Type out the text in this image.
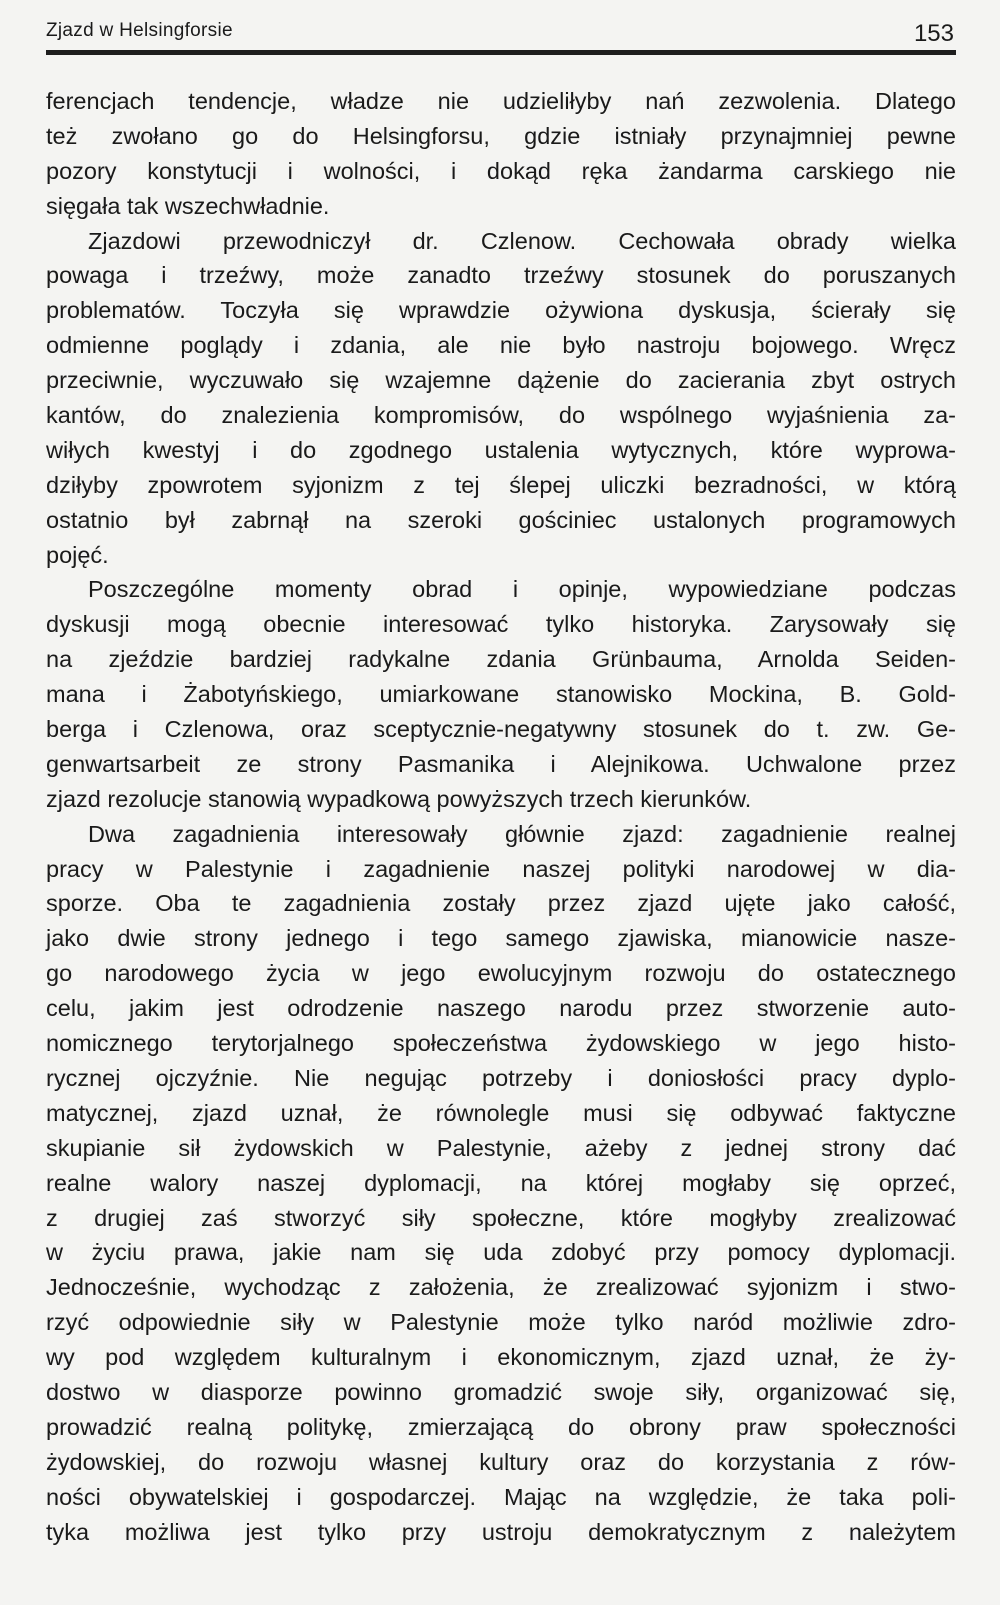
Zjazd w Helsingforsie	153
ferencjach tendencje, władze nie udzieliłyby nań zezwolenia. Dlatego
też zwołano go do Helsingforsu, gdzie istniały przynajmniej pewne
pozory konstytucji i wolności, i dokąd ręka żandarma carskiego nie
sięgała tak wszechwładnie.
Zjazdowi przewodniczył dr. Czlenow. Cechowała obrady wielka
powaga i trzeźwy, może zanadto trzeźwy stosunek do poruszanych
problematów. Toczyła się wprawdzie ożywiona dyskusja, ścierały się
odmienne poglądy i zdania, ale nie było nastroju bojowego. Wręcz
przeciwnie, wyczuwało się wzajemne dążenie do zacierania zbyt ostrych
kantów, do znalezienia kompromisów, do wspólnego wyjaśnienia za-
wiłych kwestyj i do zgodnego ustalenia wytycznych, które wyprowa-
dziłyby zpowrotem syjonizm z tej ślepej uliczki bezradności, w którą
ostatnio był zabrnął na szeroki gościniec ustalonych programowych
pojęć.
Poszczególne momenty obrad i opinje, wypowiedziane podczas
dyskusji mogą obecnie interesować tylko historyka. Zarysowały się
na zjeździe bardziej radykalne zdania Grünbauma, Arnolda Seiden-
mana i Żabotyńskiego, umiarkowane stanowisko Mockina, B. Gold-
berga i Czlenowa, oraz sceptycznie-negatywny stosunek do t. zw. Ge-
genwartsarbeit ze strony Pasmanika i Alejnikowa. Uchwalone przez
zjazd rezolucje stanowią wypadkową powyższych trzech kierunków.
Dwa zagadnienia interesowały głównie zjazd: zagadnienie realnej
pracy w Palestynie i zagadnienie naszej polityki narodowej w dia-
sporze. Oba te zagadnienia zostały przez zjazd ujęte jako całość,
jako dwie strony jednego i tego samego zjawiska, mianowicie nasze-
go narodowego życia w jego ewolucyjnym rozwoju do ostatecznego
celu, jakim jest odrodzenie naszego narodu przez stworzenie auto-
nomicznego terytorjalnego społeczeństwa żydowskiego w jego histo-
rycznej ojczyźnie. Nie negując potrzeby i doniosłości pracy dyplo-
matycznej, zjazd uznał, że równolegle musi się odbywać faktyczne
skupianie sił żydowskich w Palestynie, ażeby z jednej strony dać
realne walory naszej dyplomacji, na której mogłaby się oprzeć,
z drugiej zaś stworzyć siły społeczne, które mogłyby zrealizować
w życiu prawa, jakie nam się uda zdobyć przy pomocy dyplomacji.
Jednocześnie, wychodząc z założenia, że zrealizować syjonizm i stwo-
rzyć odpowiednie siły w Palestynie może tylko naród możliwie zdro-
wy pod względem kulturalnym i ekonomicznym, zjazd uznał, że ży-
dostwo w diasporze powinno gromadzić swoje siły, organizować się,
prowadzić realną politykę, zmierzającą do obrony praw społeczności
żydowskiej, do rozwoju własnej kultury oraz do korzystania z rów-
ności obywatelskiej i gospodarczej. Mając na względzie, że taka poli-
tyka możliwa jest tylko przy ustroju demokratycznym z należytem
